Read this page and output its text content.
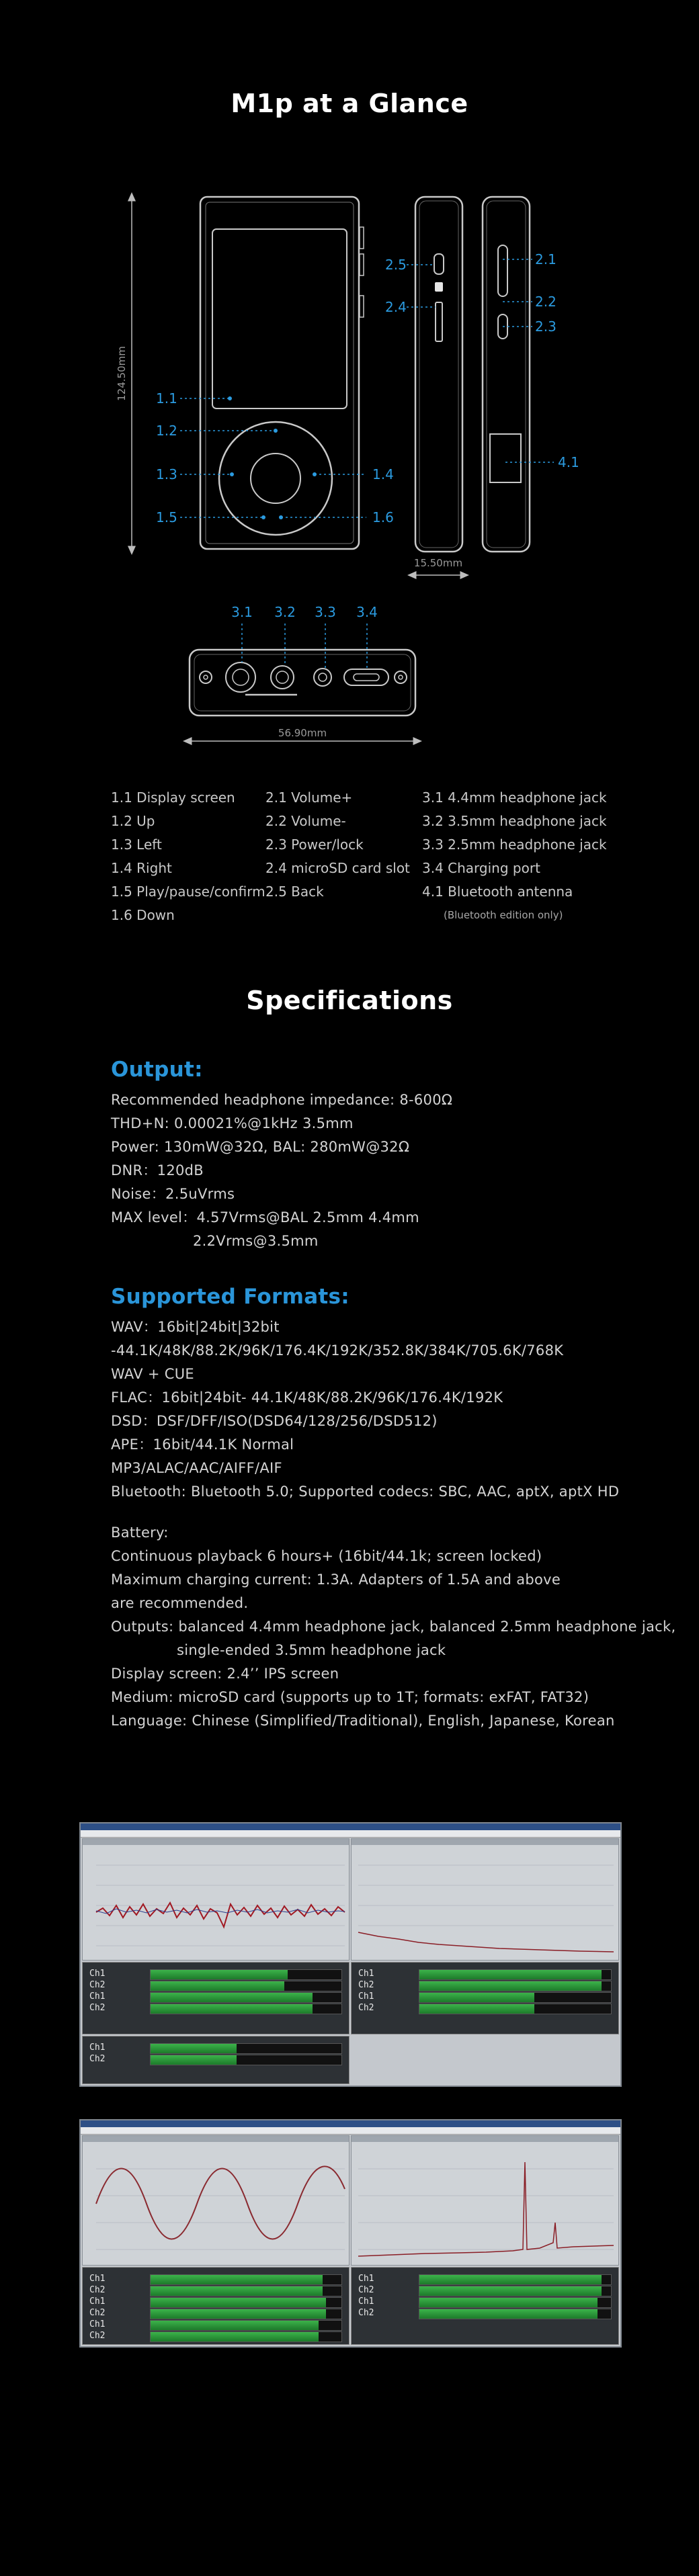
M1p at a Glance
124.50mm 1.1
1.2
1.3	1.4
1.5	1.6
2.5
2.4
15.50mm
2.1
2.2
2.3
4.1
3.1 3.2 3.3 3.4
56.90mm
1.1 Display screen
1.2 Up
1.3 Left
1.4 Right
1.5 Play/pause/confirm
1.6 Down
2.1 Volume+
2.2 Volume-
2.3 Power/lock
2.4 microSD card slot
2.5 Back
3.1 4.4mm headphone jack
3.2 3.5mm headphone jack
3.3 2.5mm headphone jack
3.4 Charging port
4.1 Bluetooth antenna
(Bluetooth edition only)
Specifications
Output:
Recommended headphone impedance: 8-600Ω
THD+N: 0.00021%@1kHz 3.5mm
Power: 130mW@32Ω, BAL: 280mW@32Ω
DNR：120dB
Noise：2.5uVrms
MAX level：4.57Vrms@BAL 2.5mm 4.4mm
2.2Vrms@3.5mm
Supported Formats:
WAV：16bit|24bit|32bit
-44.1K/48K/88.2K/96K/176.4K/192K/352.8K/384K/705.6K/768K
WAV + CUE
FLAC：16bit|24bit- 44.1K/48K/88.2K/96K/176.4K/192K
DSD：DSF/DFF/ISO(DSD64/128/256/DSD512)
APE：16bit/44.1K Normal
MP3/ALAC/AAC/AIFF/AIF
Bluetooth: Bluetooth 5.0; Supported codecs: SBC, AAC, aptX, aptX HD
Battery:
Continuous playback 6 hours+ (16bit/44.1k; screen locked)
Maximum charging current: 1.3A. Adapters of 1.5A and above are recommended.
Outputs: balanced 4.4mm headphone jack, balanced 2.5mm headphone jack,
single-ended 3.5mm headphone jack
Display screen: 2.4’’ IPS screen
Medium: microSD card (supports up to 1T; formats: exFAT, FAT32)
Language: Chinese (Simplified/Traditional), English, Japanese, Korean
Ch1
Ch2
Ch1
Ch2
Ch1
Ch2
Ch1
Ch2
Ch1
Ch2
Ch1
Ch2
Ch1
Ch2
Ch1
Ch2
Ch1
Ch2
Ch1
Ch2
